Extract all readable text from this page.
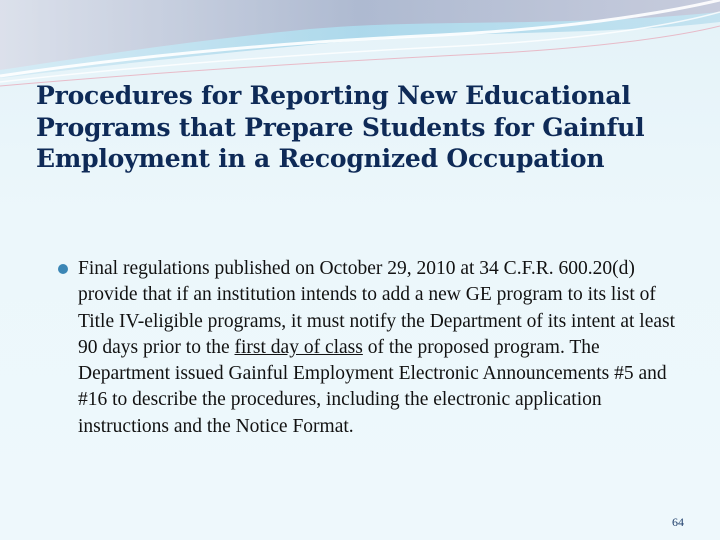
Procedures for Reporting New Educational Programs that Prepare Students for Gainful Employment in a Recognized Occupation
Final regulations published on October 29, 2010 at 34 C.F.R. 600.20(d) provide that if an institution intends to add a new GE program to its list of Title IV-eligible programs, it must notify the Department of its intent at least 90 days prior to the first day of class of the proposed program. The Department issued Gainful Employment Electronic Announcements #5 and #16 to describe the procedures, including the electronic application instructions and the Notice Format.
64
